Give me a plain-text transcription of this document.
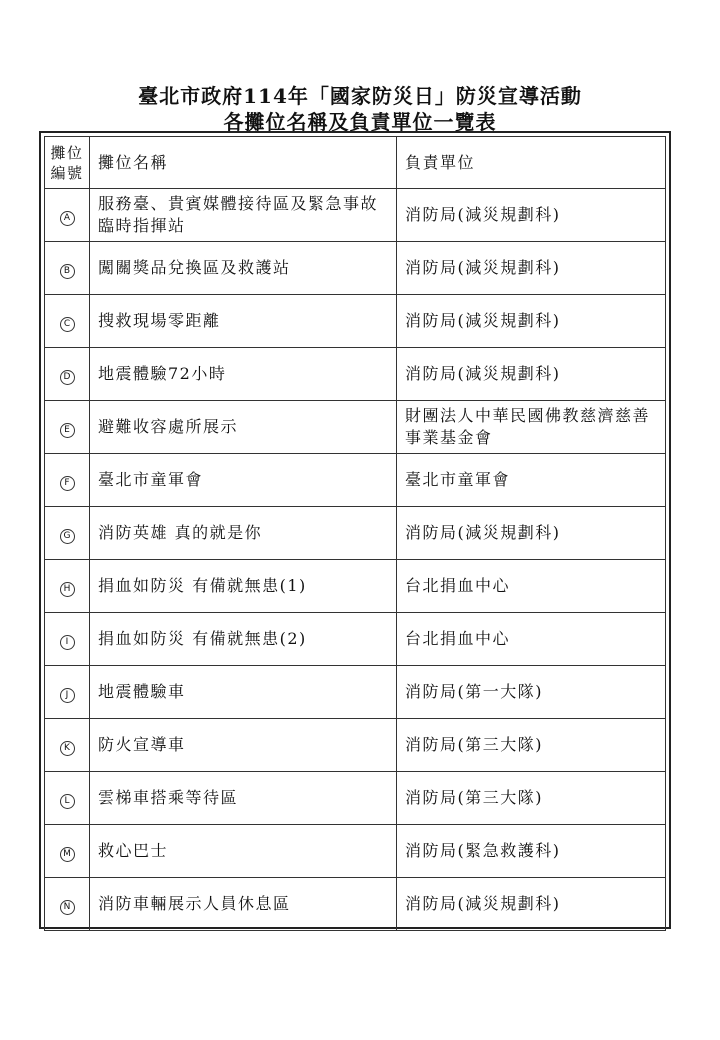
臺北市政府114年「國家防災日」防災宣導活動
各攤位名稱及負責單位一覽表
攤位
編號	攤位名稱	負責單位
A	服務臺、貴賓媒體接待區及緊急事故臨時指揮站	消防局(減災規劃科)
B	闖關獎品兌換區及救護站	消防局(減災規劃科)
C	搜救現場零距離	消防局(減災規劃科)
D	地震體驗72小時	消防局(減災規劃科)
E	避難收容處所展示	財團法人中華民國佛教慈濟慈善事業基金會
F	臺北市童軍會	臺北市童軍會
G	消防英雄 真的就是你	消防局(減災規劃科)
H	捐血如防災 有備就無患(1)	台北捐血中心
I	捐血如防災 有備就無患(2)	台北捐血中心
J	地震體驗車	消防局(第一大隊)
K	防火宣導車	消防局(第三大隊)
L	雲梯車搭乘等待區	消防局(第三大隊)
M	救心巴士	消防局(緊急救護科)
N	消防車輛展示人員休息區	消防局(減災規劃科)
